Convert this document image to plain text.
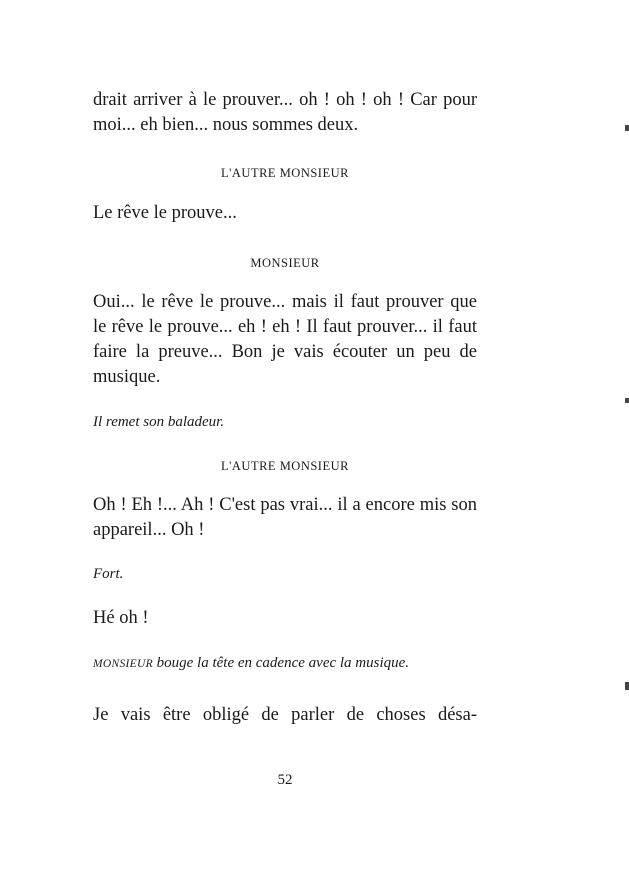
drait arriver à le prouver... oh ! oh ! oh ! Car pour

moi... eh bien... nous sommes deux.

L'AUTRE MONSIEUR

Le rêve le prouve...

MONSIEUR

Oui... le rêve le prouve... mais il faut prouver que

le rêve le prouve... eh ! eh ! Il faut prouver... il faut

faire la preuve... Bon je vais écouter un peu de

musique.

Il remet son baladeur.

L'AUTRE MONSIEUR

Oh ! Eh !... Ah ! C'est pas vrai... il a encore mis son

appareil... Oh !

Fort.

Hé oh !

MONSIEUR bouge la tête en cadence avec la musique.

Je vais être obligé de parler de choses désa-

52
